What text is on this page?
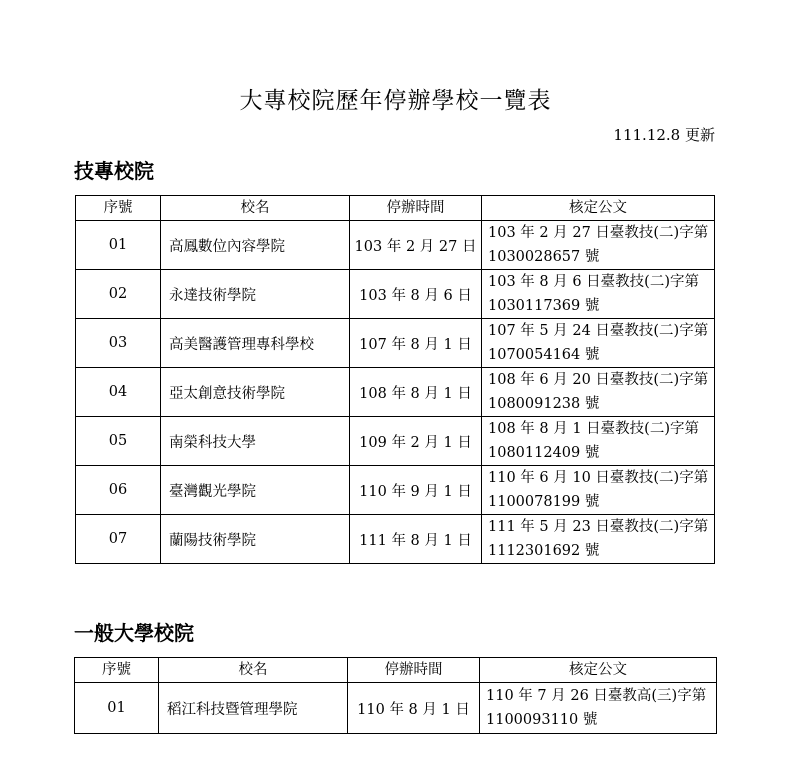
大專校院歷年停辦學校一覽表
111.12.8 更新
技專校院
序號	校名	停辦時間	核定公文
01	高鳳數位內容學院	103 年 2 月 27 日	103 年 2 月 27 日臺教技(二)字第
1030028657 號

02	永達技術學院	103 年 8 月 6 日	103 年 8 月 6 日臺教技(二)字第
1030117369 號

03	高美醫護管理專科學校	107 年 8 月 1 日	107 年 5 月 24 日臺教技(二)字第
1070054164 號

04	亞太創意技術學院	108 年 8 月 1 日	108 年 6 月 20 日臺教技(二)字第
1080091238 號

05	南榮科技大學	109 年 2 月 1 日	108 年 8 月 1 日臺教技(二)字第
1080112409 號

06	臺灣觀光學院	110 年 9 月 1 日	110 年 6 月 10 日臺教技(二)字第
1100078199 號

07	蘭陽技術學院	111 年 8 月 1 日	111 年 5 月 23 日臺教技(二)字第
1112301692 號
一般大學校院
序號	校名	停辦時間	核定公文
01	稻江科技暨管理學院	110 年 8 月 1 日	110 年 7 月 26 日臺教高(三)字第
1100093110 號
